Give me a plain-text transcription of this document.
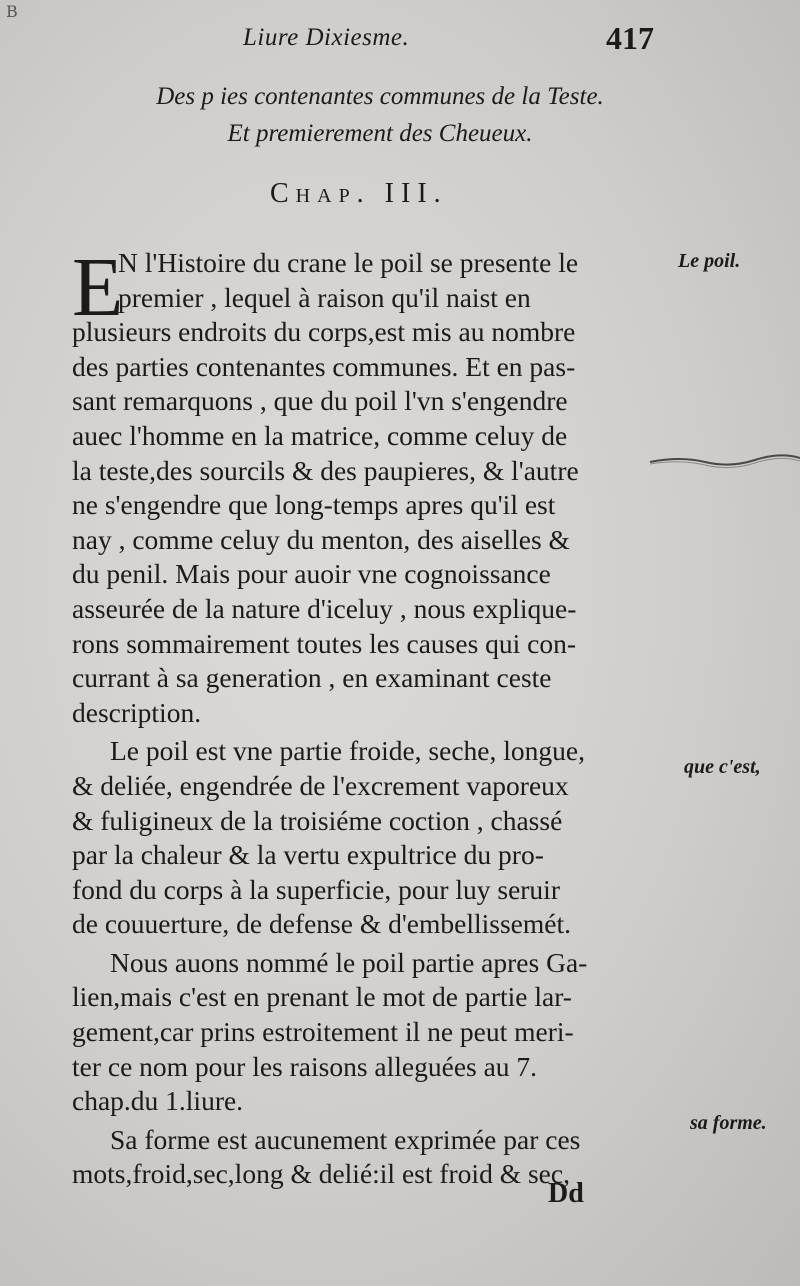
B
Liure Dixiesme.	417
Des p ies contenantes communes de la Teste.
Et premierement des Cheueux.
Chap. III.
E
N l'Histoire du crane le poil se presente le
premier , lequel à raison qu'il naist en
plusieurs endroits du corps,est mis au nombre
des parties contenantes communes. Et en pas-
sant remarquons , que du poil l'vn s'engendre
auec l'homme en la matrice, comme celuy de
la teste,des sourcils & des paupieres, & l'autre
ne s'engendre que long-temps apres qu'il est
nay , comme celuy du menton, des aiselles &
du penil. Mais pour auoir vne cognoissance
asseurée de la nature d'iceluy , nous explique-
rons sommairement toutes les causes qui con-
currant à sa generation , en examinant ceste
description.
Le poil est vne partie froide, seche, longue,
& deliée, engendrée de l'excrement vaporeux
& fuligineux de la troisiéme coction , chassé
par la chaleur & la vertu expultrice du pro-
fond du corps à la superficie, pour luy seruir
de couuerture, de defense & d'embellissemét.
Nous auons nommé le poil partie apres Ga-
lien,mais c'est en prenant le mot de partie lar-
gement,car prins estroitement il ne peut meri-
ter ce nom pour les raisons alleguées au 7.
chap.du 1.liure.
Sa forme est aucunement exprimée par ces
mots,froid,sec,long & delié:il est froid & sec,
Le poil.
que c'est,
sa forme.
Dd
